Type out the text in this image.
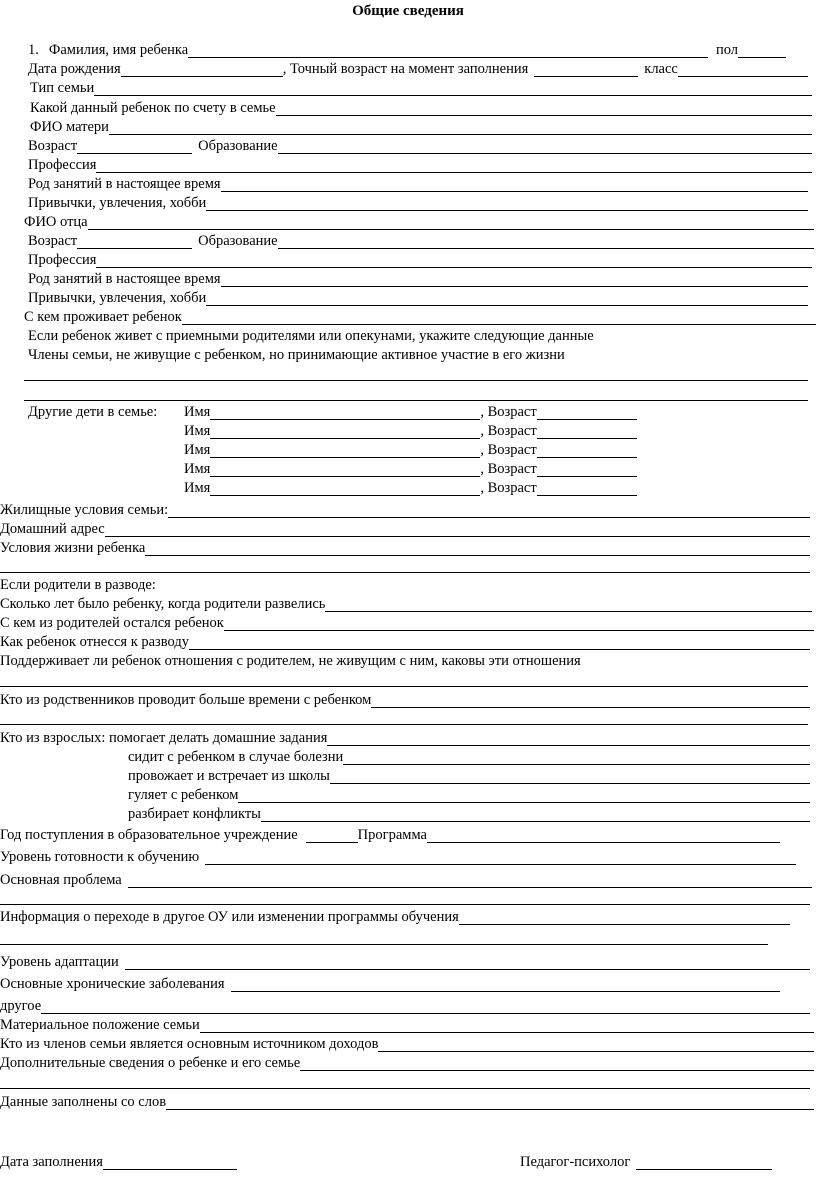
Общие сведения
1. Фамилия, имя ребенка	пол
Дата рождения	, Точный возраст на момент заполнения	класс
Тип семьи
Какой данный ребенок по счету в семье
ФИО матери
Возраст	Образование
Профессия
Род занятий в настоящее время
Привычки, увлечения, хобби
ФИО отца
Возраст	Образование
Профессия
Род занятий в настоящее время
Привычки, увлечения, хобби
С кем проживает ребенок
Если ребенок живет с приемными родителями или опекунами, укажите следующие данные
Члены семьи, не живущие с ребенком, но принимающие активное участие в его жизни
Другие дети в семье:	Имя	, Возраст
Имя	, Возраст
Имя	, Возраст
Имя	, Возраст
Имя	, Возраст
Жилищные условия семьи:
Домашний адрес
Условия жизни ребенка
Если родители в разводе:
Сколько лет было ребенку, когда родители развелись
С кем из родителей остался ребенок
Как ребенок отнесся к разводу
Поддерживает ли ребенок отношения с родителем, не живущим с ним, каковы эти отношения
Кто из родственников проводит больше времени с ребенком
Кто из взрослых: помогает делать домашние задания
сидит с ребенком в случае болезни
провожает и встречает из школы
гуляет с ребенком
разбирает конфликты
Год поступления в образовательное учреждение	Программа
Уровень готовности к обучению
Основная проблема
Информация о переходе в другое ОУ или изменении программы обучения
Уровень адаптации
Основные хронические заболевания
другое
Материальное положение семьи
Кто из членов семьи является основным источником доходов
Дополнительные сведения о ребенке и его семье
Данные заполнены со слов
Дата заполнения	Педагог-психолог
